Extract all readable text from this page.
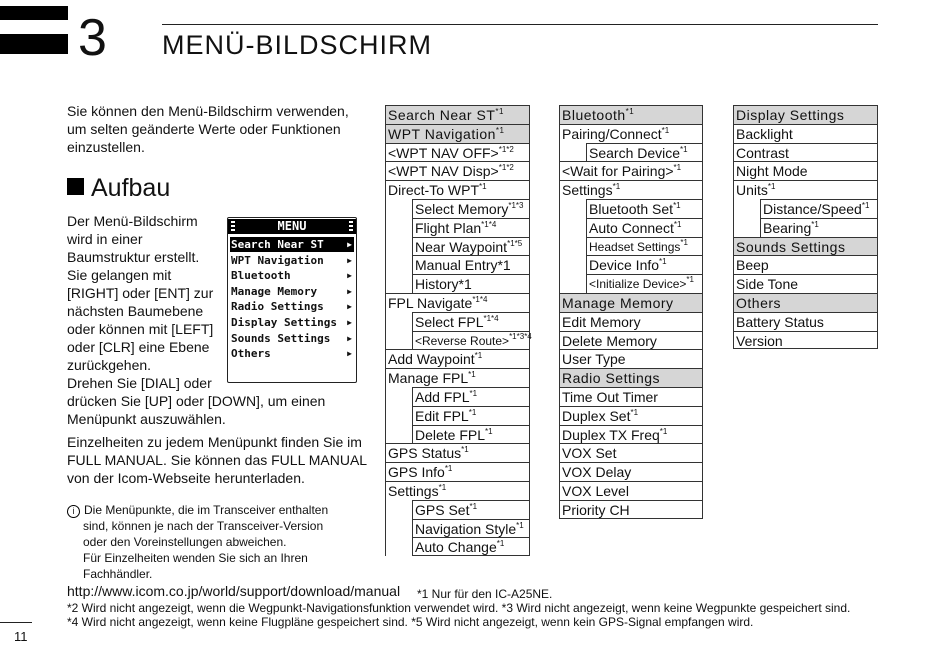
3 MENÜ-BILDSCHIRM

Sie können den Menü-Bildschirm verwenden, um selten geänderte Werte oder Funktionen einzustellen.

Aufbau
Der Menü-Bildschirm
wird in einer
Baumstruktur erstellt.
Sie gelangen mit
[RIGHT] oder [ENT] zur
nächsten Baumebene
oder können mit [LEFT]
oder [CLR] eine Ebene
zurückgehen.
Drehen Sie [DIAL] oder
drücken Sie [UP] oder [DOWN], um einen
Menüpunkt auszuwählen.
MENU
Search Near ST	▶
WPT Navigation	▶
Bluetooth	▶
Manage Memory	▶
Radio Settings	▶
Display Settings ▶
Sounds Settings ▶
Others	▶

Einzelheiten zu jedem Menüpunkt finden Sie im FULL MANUAL. Sie können das FULL MANUAL von der Icom-Webseite herunterladen.

i Die Menüpunkte, die im Transceiver enthalten
sind, können je nach der Transceiver-Version
oder den Voreinstellungen abweichen.
Für Einzelheiten wenden Sie sich an Ihren
Fachhändler.
http://www.icom.co.jp/world/support/download/manual *1 Nur für den IC-A25NE.
*2 Wird nicht angezeigt, wenn die Wegpunkt-Navigationsfunktion verwendet wird. *3 Wird nicht angezeigt, wenn keine Wegpunkte gespeichert sind.
*4 Wird nicht angezeigt, wenn keine Flugpläne gespeichert sind. *5 Wird nicht angezeigt, wenn kein GPS-Signal empfangen wird.
11
Search Near ST$^{*1}$
WPT Navigation$^{*1}$
<WPT NAV OFF>$^{*1*2}$
<WPT NAV Disp>$^{*1*2}$
Direct-To WPT$^{*1}$
Select Memory$^{*1*3}$
Flight Plan$^{*1*4}$
Near Waypoint$^{*1*5}$
Manual Entry*1
History*1
FPL Navigate$^{*1*4}$
Select $FPL^{*1*4}$
<Reverse Route>$^{*1*3*4}$
Add Waypoint$^{*1}$
Manage FPL$^{*1}$
Add FPL$^{*1}$
Edit FPL$^{*1}$
Delete FPL$^{*1}$
GPS Status$^{*1}$
GPS Info$^{*1}$
Settings$^{*1}$
GPS Set$^{*1}$
Navigation Style$^{*1}$
Auto Change$^{*1}$
Bluetooth$^{*1}$
Pairing/Connect$^{*1}$
Search Device$^{*1}$
<Wait for Pairing>$^{*1}$
Settings$^{*1}$
Bluetooth Set$^{*1}$
Auto Connect$^{*1}$
Headset Settings$^{*1}$
Device Info$^{*1}$
<Initialize Device>$^{*1}$
Manage Memory
Edit Memory
Delete Memory
User Type
Radio Settings
Time Out Timer
Duplex Set$^{*1}$
Duplex TX Freq$^{*1}$
VOX Set
VOX Delay
VOX Level
Priority CH
Display Settings
Backlight
Contrast
Night Mode
Units$^{*1}$
Distance/Speed$^{*1}$
Bearing$^{*1}$
Sounds Settings
Beep
Side Tone
Others
Battery Status
Version
